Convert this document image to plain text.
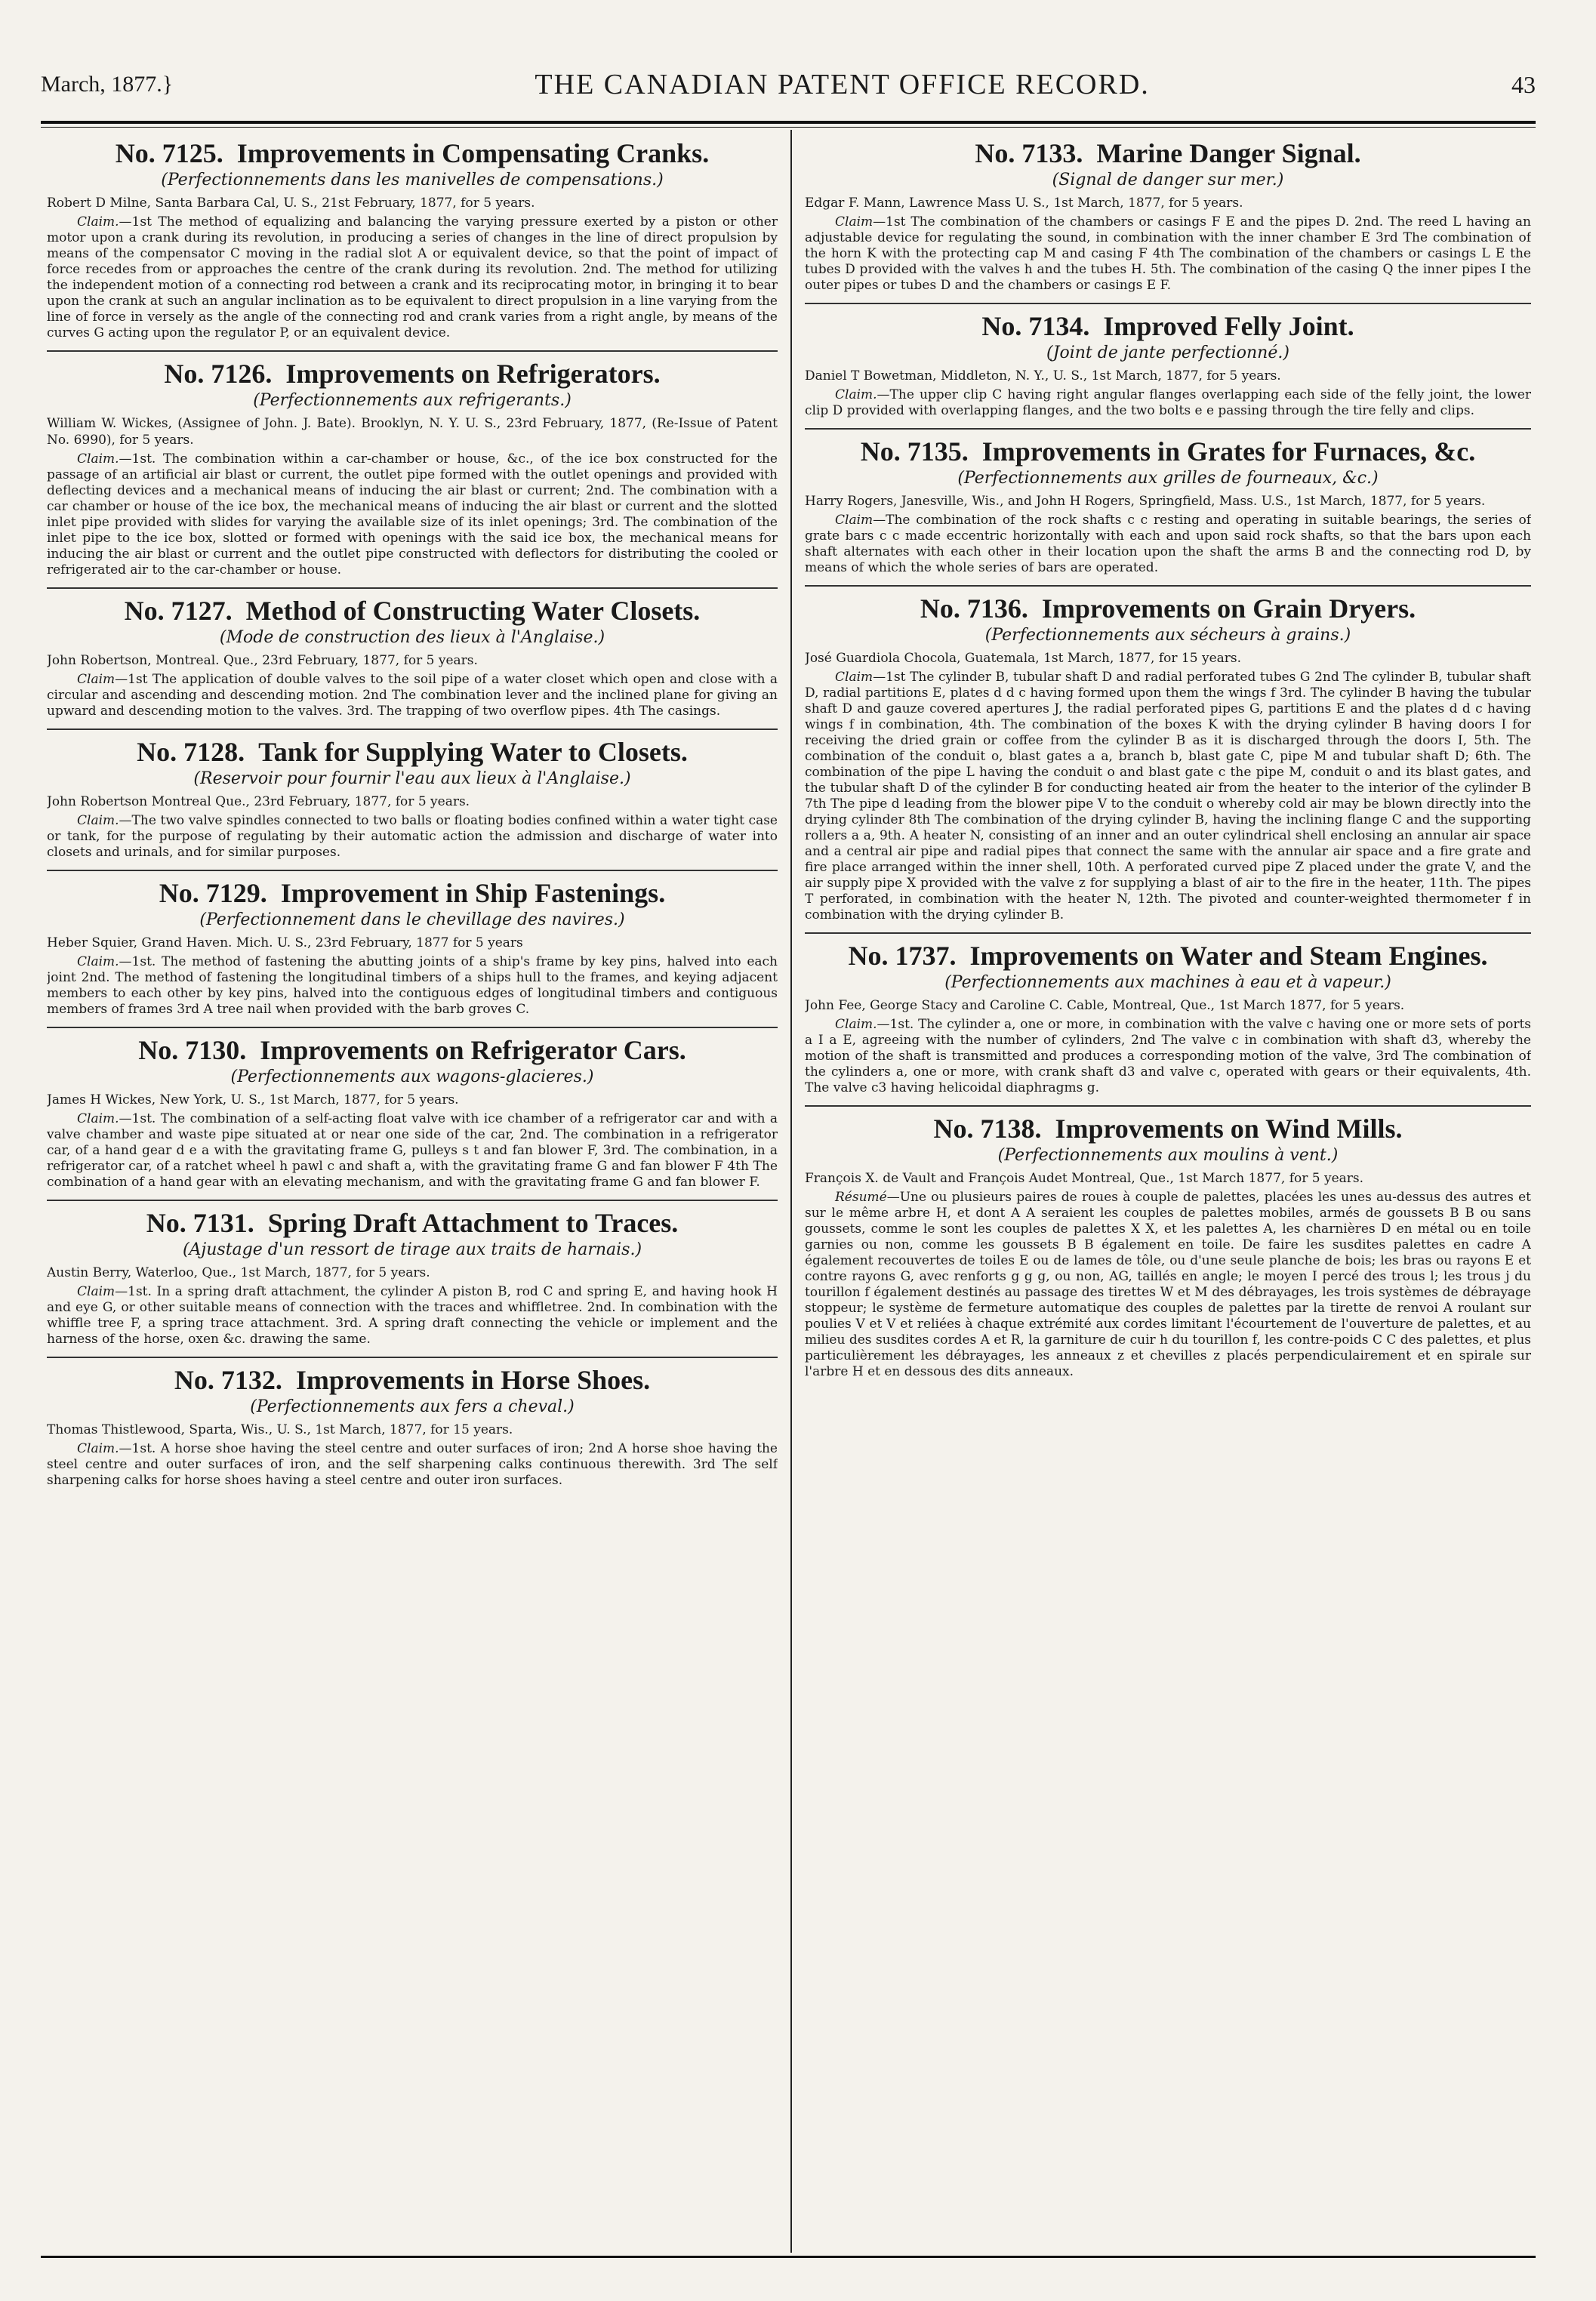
March, 1877.}	THE CANADIAN PATENT OFFICE RECORD.	43
No. 7125. Improvements in Compensating Cranks.
(Perfectionnements dans les manivelles de compensations.)
Robert D Milne, Santa Barbara Cal, U. S., 21st February, 1877, for 5 years.
Claim.—1st The method of equalizing and balancing the varying pressure exerted by a piston or other motor upon a crank during its revolution, in producing a series of changes in the line of direct propulsion by means of the compensator C moving in the radial slot A or equivalent device, so that the point of impact of force recedes from or approaches the centre of the crank during its revolution. 2nd. The method for utilizing the independent motion of a connecting rod between a crank and its reciprocating motor, in bringing it to bear upon the crank at such an angular inclination as to be equivalent to direct propulsion in a line varying from the line of force in versely as the angle of the connecting rod and crank varies from a right angle, by means of the curves G acting upon the regulator P, or an equivalent device.
No. 7126. Improvements on Refrigerators.
(Perfectionnements aux refrigerants.)
William W. Wickes, (Assignee of John. J. Bate). Brooklyn, N. Y. U. S., 23rd February, 1877, (Re-Issue of Patent No. 6990), for 5 years.
Claim.—1st. The combination within a car-chamber or house, &c., of the ice box constructed for the passage of an artificial air blast or current, the outlet pipe formed with the outlet openings and provided with deflecting devices and a mechanical means of inducing the air blast or current; 2nd. The combination with a car chamber or house of the ice box, the mechanical means of inducing the air blast or current and the slotted inlet pipe provided with slides for varying the available size of its inlet openings; 3rd. The combination of the inlet pipe to the ice box, slotted or formed with openings with the said ice box, the mechanical means for inducing the air blast or current and the outlet pipe constructed with deflectors for distributing the cooled or refrigerated air to the car-chamber or house.
No. 7127. Method of Constructing Water Closets.
(Mode de construction des lieux à l'Anglaise.)
John Robertson, Montreal. Que., 23rd February, 1877, for 5 years.
Claim—1st The application of double valves to the soil pipe of a water closet which open and close with a circular and ascending and descending motion. 2nd The combination lever and the inclined plane for giving an upward and descending motion to the valves. 3rd. The trapping of two overflow pipes. 4th The casings.
No. 7128. Tank for Supplying Water to Closets.
(Reservoir pour fournir l'eau aux lieux à l'Anglaise.)
John Robertson Montreal Que., 23rd February, 1877, for 5 years.
Claim.—The two valve spindles connected to two balls or floating bodies confined within a water tight case or tank, for the purpose of regulating by their automatic action the admission and discharge of water into closets and urinals, and for similar purposes.
No. 7129. Improvement in Ship Fastenings.
(Perfectionnement dans le chevillage des navires.)
Heber Squier, Grand Haven. Mich. U. S., 23rd February, 1877 for 5 years
Claim.—1st. The method of fastening the abutting joints of a ship's frame by key pins, halved into each joint 2nd. The method of fastening the longitudinal timbers of a ships hull to the frames, and keying adjacent members to each other by key pins, halved into the contiguous edges of longitudinal timbers and contiguous members of frames 3rd A tree nail when provided with the barb groves C.
No. 7130. Improvements on Refrigerator Cars.
(Perfectionnements aux wagons-glacieres.)
James H Wickes, New York, U. S., 1st March, 1877, for 5 years.
Claim.—1st. The combination of a self-acting float valve with ice chamber of a refrigerator car and with a valve chamber and waste pipe situated at or near one side of the car, 2nd. The combination in a refrigerator car, of a hand gear d e a with the gravitating frame G, pulleys s t and fan blower F, 3rd. The combination, in a refrigerator car, of a ratchet wheel h pawl c and shaft a, with the gravitating frame G and fan blower F 4th The combination of a hand gear with an elevating mechanism, and with the gravitating frame G and fan blower F.
No. 7131. Spring Draft Attachment to Traces.
(Ajustage d'un ressort de tirage aux traits de harnais.)
Austin Berry, Waterloo, Que., 1st March, 1877, for 5 years.
Claim—1st. In a spring draft attachment, the cylinder A piston B, rod C and spring E, and having hook H and eye G, or other suitable means of connection with the traces and whiffletree. 2nd. In combination with the whiffle tree F, a spring trace attachment. 3rd. A spring draft connecting the vehicle or implement and the harness of the horse, oxen &c. drawing the same.
No. 7132. Improvements in Horse Shoes.
(Perfectionnements aux fers a cheval.)
Thomas Thistlewood, Sparta, Wis., U. S., 1st March, 1877, for 15 years.
Claim.—1st. A horse shoe having the steel centre and outer surfaces of iron; 2nd A horse shoe having the steel centre and outer surfaces of iron, and the self sharpening calks continuous therewith. 3rd The self sharpening calks for horse shoes having a steel centre and outer iron surfaces.
No. 7133. Marine Danger Signal.
(Signal de danger sur mer.)
Edgar F. Mann, Lawrence Mass U. S., 1st March, 1877, for 5 years.
Claim—1st The combination of the chambers or casings F E and the pipes D. 2nd. The reed L having an adjustable device for regulating the sound, in combination with the inner chamber E 3rd The combination of the horn K with the protecting cap M and casing F 4th The combination of the chambers or casings L E the tubes D provided with the valves h and the tubes H. 5th. The combination of the casing Q the inner pipes I the outer pipes or tubes D and the chambers or casings E F.
No. 7134. Improved Felly Joint.
(Joint de jante perfectionné.)
Daniel T Bowetman, Middleton, N. Y., U. S., 1st March, 1877, for 5 years.
Claim.—The upper clip C having right angular flanges overlapping each side of the felly joint, the lower clip D provided with overlapping flanges, and the two bolts e e passing through the tire felly and clips.
No. 7135. Improvements in Grates for Furnaces, &c.
(Perfectionnements aux grilles de fourneaux, &c.)
Harry Rogers, Janesville, Wis., and John H Rogers, Springfield, Mass. U.S., 1st March, 1877, for 5 years.
Claim—The combination of the rock shafts c c resting and operating in suitable bearings, the series of grate bars c c made eccentric horizontally with each and upon said rock shafts, so that the bars upon each shaft alternates with each other in their location upon the shaft the arms B and the connecting rod D, by means of which the whole series of bars are operated.
No. 7136. Improvements on Grain Dryers.
(Perfectionnements aux sécheurs à grains.)
José Guardiola Chocola, Guatemala, 1st March, 1877, for 15 years.
Claim—1st The cylinder B, tubular shaft D and radial perforated tubes G 2nd The cylinder B, tubular shaft D, radial partitions E, plates d d c having formed upon them the wings f 3rd. The cylinder B having the tubular shaft D and gauze covered apertures J, the radial perforated pipes G, partitions E and the plates d d c having wings f in combination, 4th. The combination of the boxes K with the drying cylinder B having doors I for receiving the dried grain or coffee from the cylinder B as it is discharged through the doors I, 5th. The combination of the conduit o, blast gates a a, branch b, blast gate C, pipe M and tubular shaft D; 6th. The combination of the pipe L having the conduit o and blast gate c the pipe M, conduit o and its blast gates, and the tubular shaft D of the cylinder B for conducting heated air from the heater to the interior of the cylinder B 7th The pipe d leading from the blower pipe V to the conduit o whereby cold air may be blown directly into the drying cylinder 8th The combination of the drying cylinder B, having the inclining flange C and the supporting rollers a a, 9th. A heater N, consisting of an inner and an outer cylindrical shell enclosing an annular air space and a central air pipe and radial pipes that connect the same with the annular air space and a fire grate and fire place arranged within the inner shell, 10th. A perforated curved pipe Z placed under the grate V, and the air supply pipe X provided with the valve z for supplying a blast of air to the fire in the heater, 11th. The pipes T perforated, in combination with the heater N, 12th. The pivoted and counter-weighted thermometer f in combination with the drying cylinder B.
No. 1737. Improvements on Water and Steam Engines.
(Perfectionnements aux machines à eau et à vapeur.)
John Fee, George Stacy and Caroline C. Cable, Montreal, Que., 1st March 1877, for 5 years.
Claim.—1st. The cylinder a, one or more, in combination with the valve c having one or more sets of ports a I a E, agreeing with the number of cylinders, 2nd The valve c in combination with shaft d3, whereby the motion of the shaft is transmitted and produces a corresponding motion of the valve, 3rd The combination of the cylinders a, one or more, with crank shaft d3 and valve c, operated with gears or their equivalents, 4th. The valve c3 having helicoidal diaphragms g.
No. 7138. Improvements on Wind Mills.
(Perfectionnements aux moulins à vent.)
François X. de Vault and François Audet Montreal, Que., 1st March 1877, for 5 years.
Résumé—Une ou plusieurs paires de roues à couple de palettes, placées les unes au-dessus des autres et sur le même arbre H, et dont A A seraient les couples de palettes mobiles, armés de goussets B B ou sans goussets, comme le sont les couples de palettes X X, et les palettes A, les charnières D en métal ou en toile garnies ou non, comme les goussets B B également en toile. De faire les susdites palettes en cadre A également recouvertes de toiles E ou de lames de tôle, ou d'une seule planche de bois; les bras ou rayons E et contre rayons G, avec renforts g g g, ou non, AG, taillés en angle; le moyen I percé des trous l; les trous j du tourillon f également destinés au passage des tirettes W et M des débrayages, les trois systèmes de débrayage stoppeur; le système de fermeture automatique des couples de palettes par la tirette de renvoi A roulant sur poulies V et V et reliées à chaque extrémité aux cordes limitant l'écourtement de l'ouverture de palettes, et au milieu des susdites cordes A et R, la garniture de cuir h du tourillon f, les contre-poids C C des palettes, et plus particulièrement les débrayages, les anneaux z et chevilles z placés perpendiculairement et en spirale sur l'arbre H et en dessous des dits anneaux.
